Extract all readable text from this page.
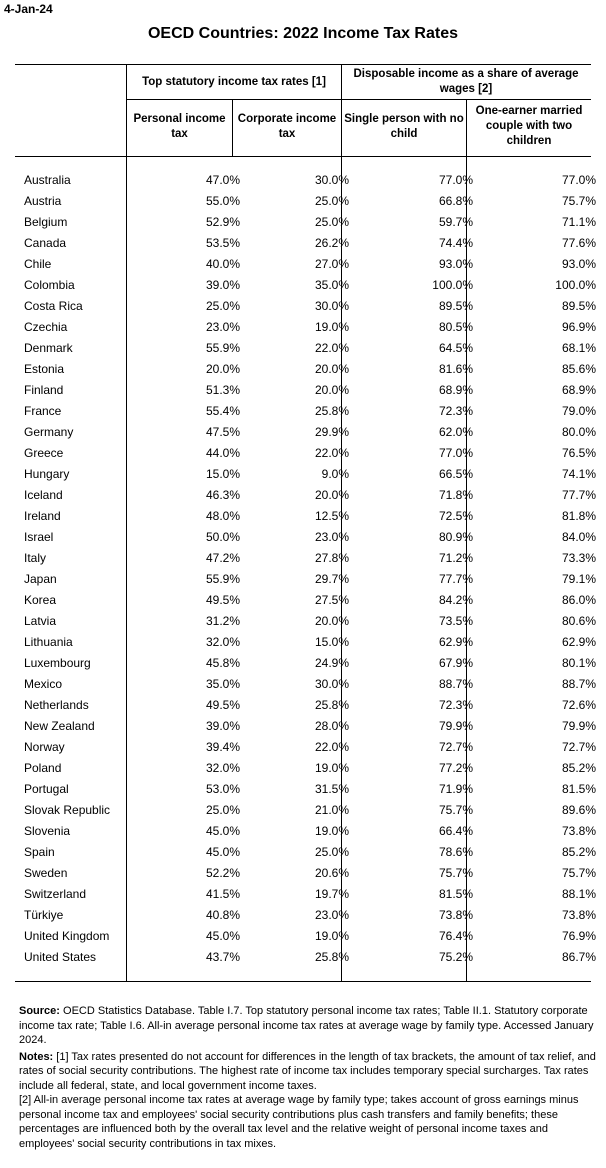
4-Jan-24
OECD Countries: 2022 Income Tax Rates
Top statutory income tax rates [1]
Disposable income as a share of average wages [2]
Personal income tax
Corporate income tax
Single person with no child
One-earner married couple with two children
Australia	47.0%	30.0%	77.0%	77.0%
Austria	55.0%	25.0%	66.8%	75.7%
Belgium	52.9%	25.0%	59.7%	71.1%
Canada	53.5%	26.2%	74.4%	77.6%
Chile	40.0%	27.0%	93.0%	93.0%
Colombia	39.0%	35.0%	100.0%	100.0%
Costa Rica	25.0%	30.0%	89.5%	89.5%
Czechia	23.0%	19.0%	80.5%	96.9%
Denmark	55.9%	22.0%	64.5%	68.1%
Estonia	20.0%	20.0%	81.6%	85.6%
Finland	51.3%	20.0%	68.9%	68.9%
France	55.4%	25.8%	72.3%	79.0%
Germany	47.5%	29.9%	62.0%	80.0%
Greece	44.0%	22.0%	77.0%	76.5%
Hungary	15.0%	9.0%	66.5%	74.1%
Iceland	46.3%	20.0%	71.8%	77.7%
Ireland	48.0%	12.5%	72.5%	81.8%
Israel	50.0%	23.0%	80.9%	84.0%
Italy	47.2%	27.8%	71.2%	73.3%
Japan	55.9%	29.7%	77.7%	79.1%
Korea	49.5%	27.5%	84.2%	86.0%
Latvia	31.2%	20.0%	73.5%	80.6%
Lithuania	32.0%	15.0%	62.9%	62.9%
Luxembourg	45.8%	24.9%	67.9%	80.1%
Mexico	35.0%	30.0%	88.7%	88.7%
Netherlands	49.5%	25.8%	72.3%	72.6%
New Zealand	39.0%	28.0%	79.9%	79.9%
Norway	39.4%	22.0%	72.7%	72.7%
Poland	32.0%	19.0%	77.2%	85.2%
Portugal	53.0%	31.5%	71.9%	81.5%
Slovak Republic	25.0%	21.0%	75.7%	89.6%
Slovenia	45.0%	19.0%	66.4%	73.8%
Spain	45.0%	25.0%	78.6%	85.2%
Sweden	52.2%	20.6%	75.7%	75.7%
Switzerland	41.5%	19.7%	81.5%	88.1%
Türkiye	40.8%	23.0%	73.8%	73.8%
United Kingdom	45.0%	19.0%	76.4%	76.9%
United States	43.7%	25.8%	75.2%	86.7%

Source: OECD Statistics Database. Table I.7. Top statutory personal income tax rates; Table II.1. Statutory corporate income tax rate; Table I.6. All-in average personal income tax rates at average wage by family type. Accessed January 2024.

Notes: [1] Tax rates presented do not account for differences in the length of tax brackets, the amount of tax relief, and rates of social security contributions. The highest rate of income tax includes temporary special surcharges. Tax rates include all federal, state, and local government income taxes.
[2] All-in average personal income tax rates at average wage by family type; takes account of gross earnings minus personal income tax and employees' social security contributions plus cash transfers and family benefits; these percentages are influenced both by the overall tax level and the relative weight of personal income taxes and employees' social security contributions in tax mixes.
